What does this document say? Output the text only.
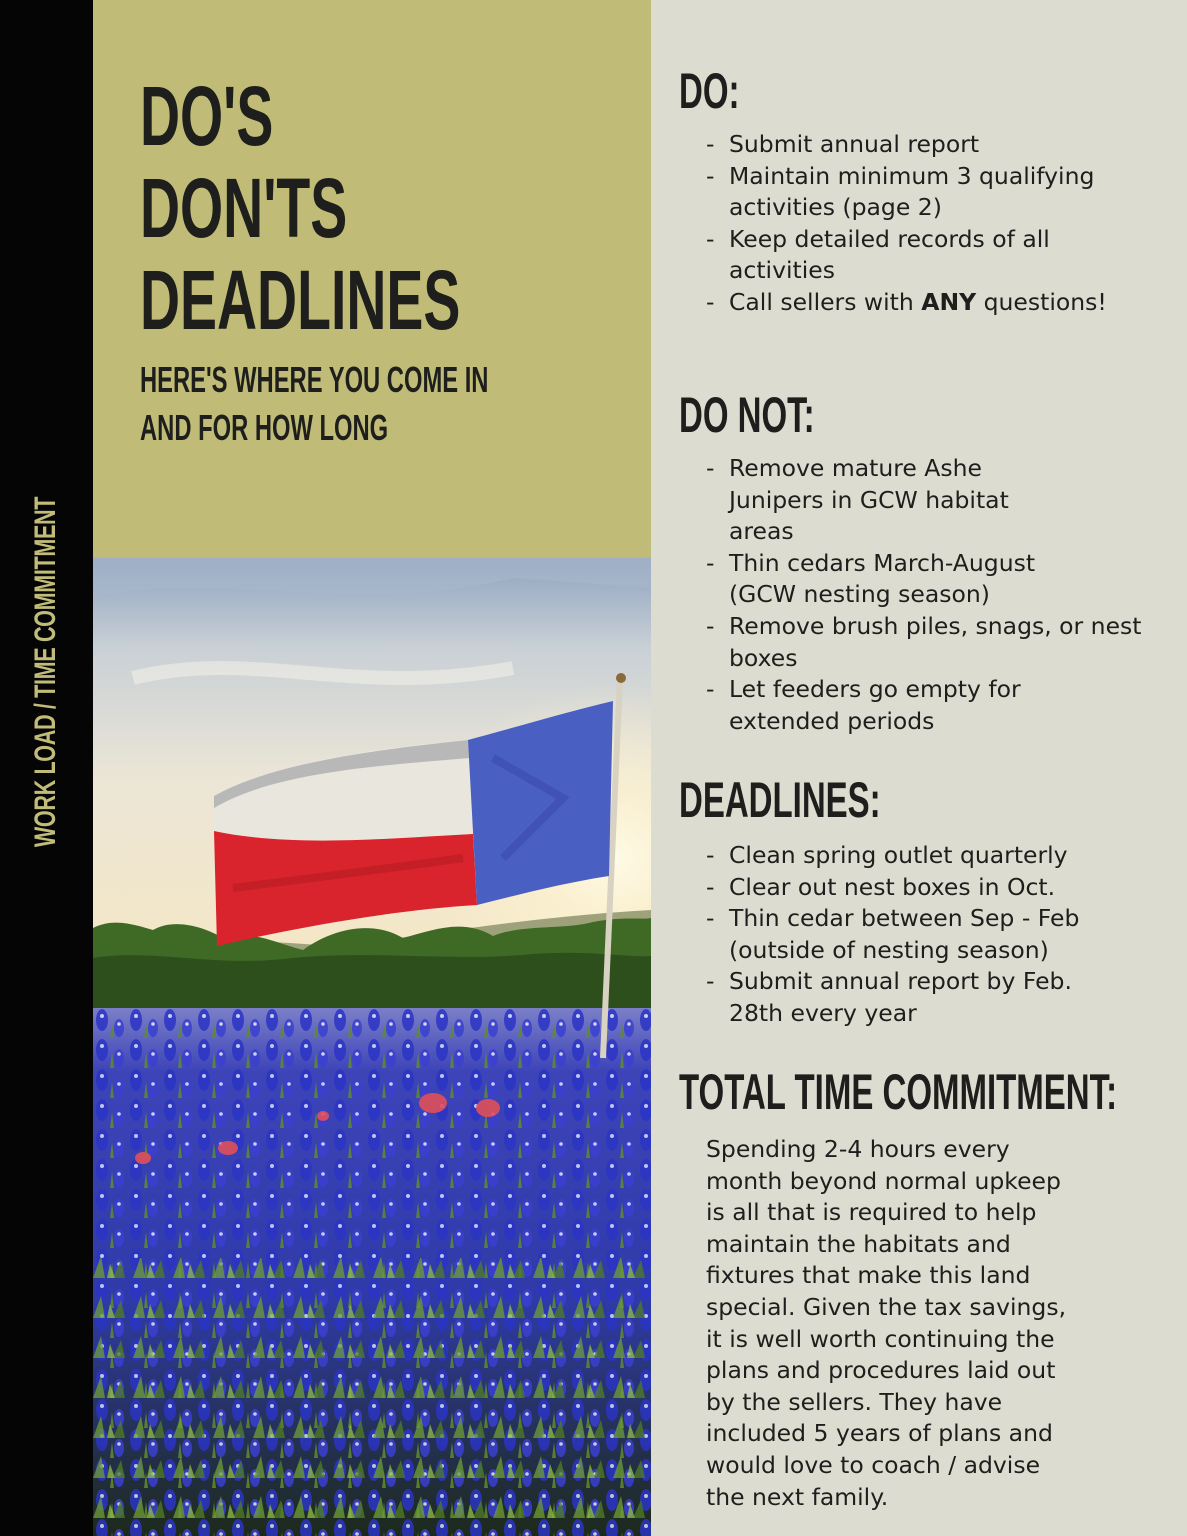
WORK LOAD / TIME COMMITMENT
DO'S
DON'TS
DEADLINES
HERE'S WHERE YOU COME IN
AND FOR HOW LONG
DO:
- Submit annual report
- Maintain minimum 3 qualifying activities (page 2)
- Keep detailed records of all activities
- Call sellers with ANY questions!
DO NOT:
- Remove mature Ashe Junipers in GCW habitat areas
- Thin cedars March-August (GCW nesting season)
- Remove brush piles, snags, or nest boxes
- Let feeders go empty for extended periods
DEADLINES:
- Clean spring outlet quarterly
- Clear out nest boxes in Oct.
- Thin cedar between Sep - Feb (outside of nesting season)
- Submit annual report by Feb. 28th every year
TOTAL TIME COMMITMENT:

Spending 2-4 hours every month beyond normal upkeep is all that is required to help maintain the habitats and fixtures that make this land special. Given the tax savings, it is well worth continuing the plans and procedures laid out by the sellers. They have included 5 years of plans and would love to coach / advise the next family.
